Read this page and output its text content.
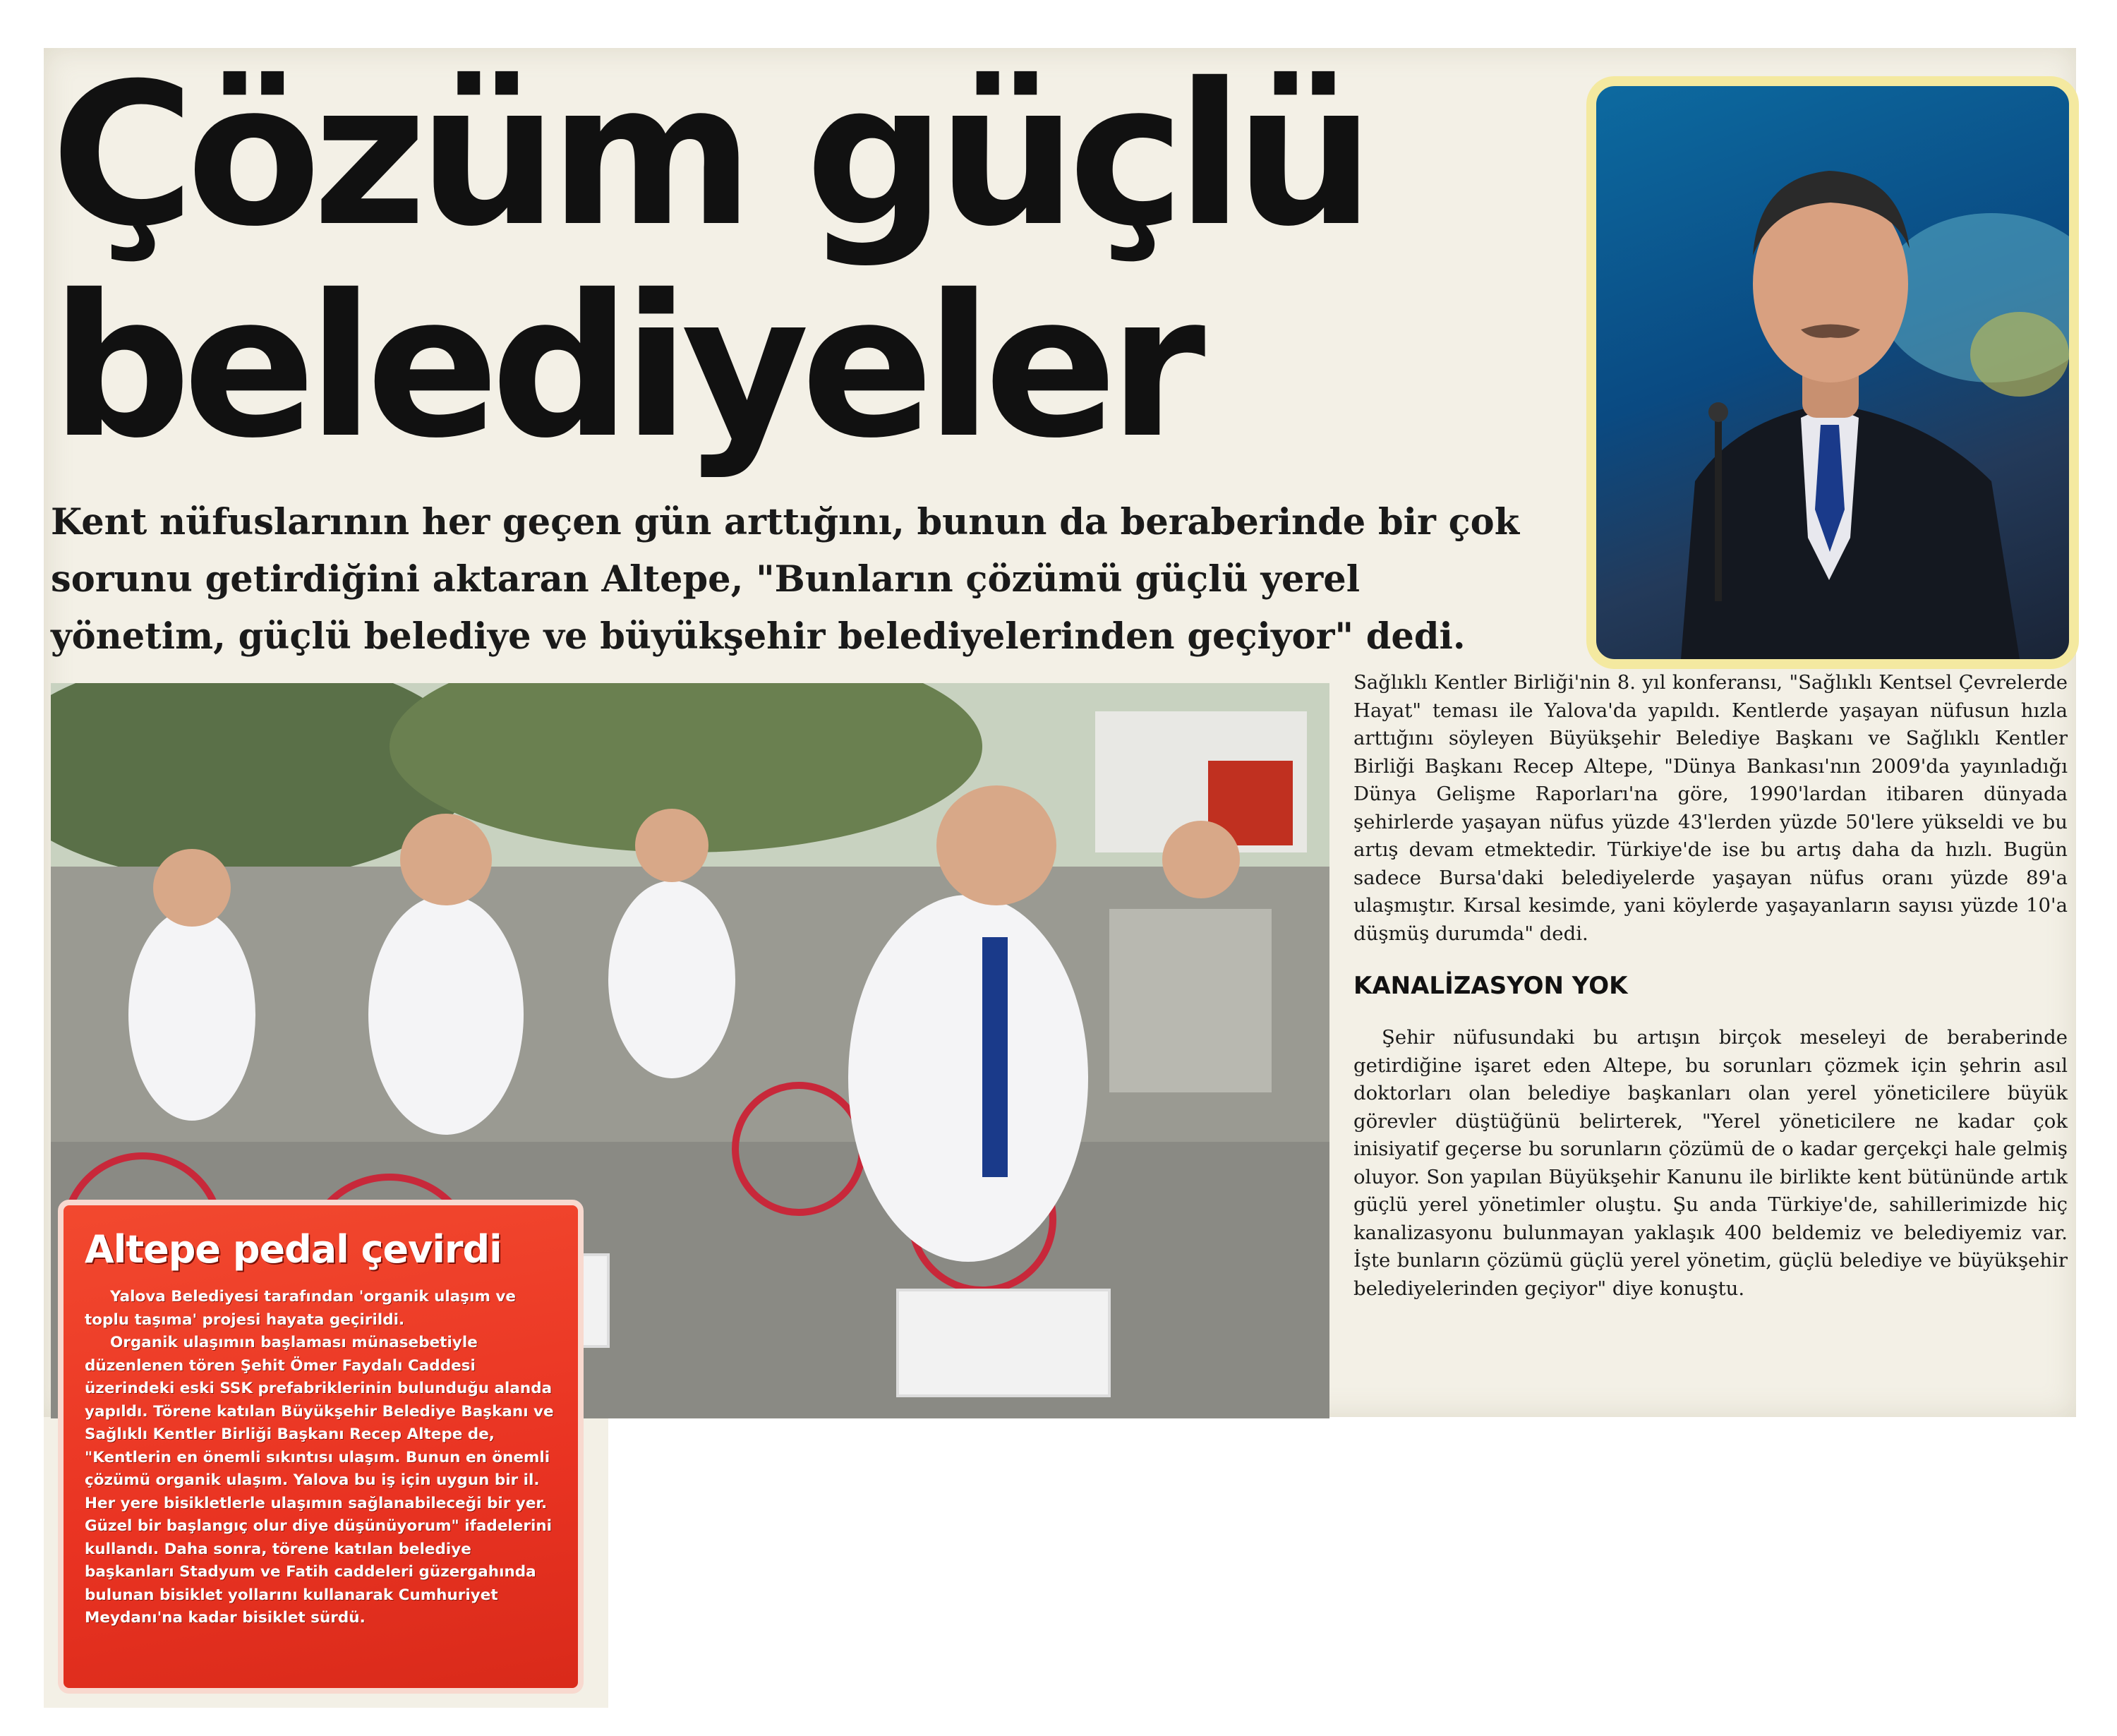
Çözüm güçlü
belediyeler

Kent nüfuslarının her geçen gün arttığını, bunun da beraberinde bir çok sorunu getirdiğini aktaran Altepe, "Bunların çözümü güçlü yerel yönetim, güçlü belediye ve büyükşehir belediyelerinden geçiyor" dedi.

Sağlıklı Kentler Birliği'nin 8. yıl konferansı, "Sağlıklı Kentsel Çevrelerde Hayat" teması ile Yalova'da yapıldı. Kentlerde yaşayan nüfusun hızla arttığını söyleyen Büyükşehir Belediye Başkanı ve Sağlıklı Kentler Birliği Başkanı Recep Altepe, "Dünya Bankası'nın 2009'da yayınladığı Dünya Gelişme Raporları'na göre, 1990'lardan itibaren dünyada şehirlerde yaşayan nüfus yüzde 43'lerden yüzde 50'lere yükseldi ve bu artış devam etmektedir. Türkiye'de ise bu artış daha da hızlı. Bugün sadece Bursa'daki belediyelerde yaşayan nüfus oranı yüzde 89'a ulaşmıştır. Kırsal kesimde, yani köylerde yaşayanların sayısı yüzde 10'a düşmüş durumda" dedi.

KANALİZASYON YOK

Şehir nüfusundaki bu artışın birçok meseleyi de beraberinde getirdiğine işaret eden Altepe, bu sorunları çözmek için şehrin asıl doktorları olan belediye başkanları olan yerel yöneticilere büyük görevler düştüğünü belirterek, "Yerel yöneticilere ne kadar çok inisiyatif geçerse bu sorunların çözümü de o kadar gerçekçi hale gelmiş oluyor. Son yapılan Büyükşehir Kanunu ile birlikte kent bütününde artık güçlü yerel yönetimler oluştu. Şu anda Türkiye'de, sahillerimizde hiç kanalizasyonu bulunmayan yaklaşık 400 beldemiz ve belediyemiz var. İşte bunların çözümü güçlü yerel yönetim, güçlü belediye ve büyükşehir belediyelerinden geçiyor" diye konuştu.

Altepe pedal çevirdi

Yalova Belediyesi tarafından 'organik ulaşım ve toplu taşıma' projesi hayata geçirildi.

Organik ulaşımın başlaması münasebetiyle düzenlenen tören Şehit Ömer Faydalı Caddesi üzerindeki eski SSK prefabriklerinin bulunduğu alanda yapıldı. Törene katılan Büyükşehir Belediye Başkanı ve Sağlıklı Kentler Birliği Başkanı Recep Altepe de, "Kentlerin en önemli sıkıntısı ulaşım. Bunun en önemli çözümü organik ulaşım. Yalova bu iş için uygun bir il. Her yere bisikletlerle ulaşımın sağlanabileceği bir yer. Güzel bir başlangıç olur diye düşünüyorum" ifadelerini kullandı. Daha sonra, törene katılan belediye başkanları Stadyum ve Fatih caddeleri güzergahında bulunan bisiklet yollarını kullanarak Cumhuriyet Meydanı'na kadar bisiklet sürdü.
